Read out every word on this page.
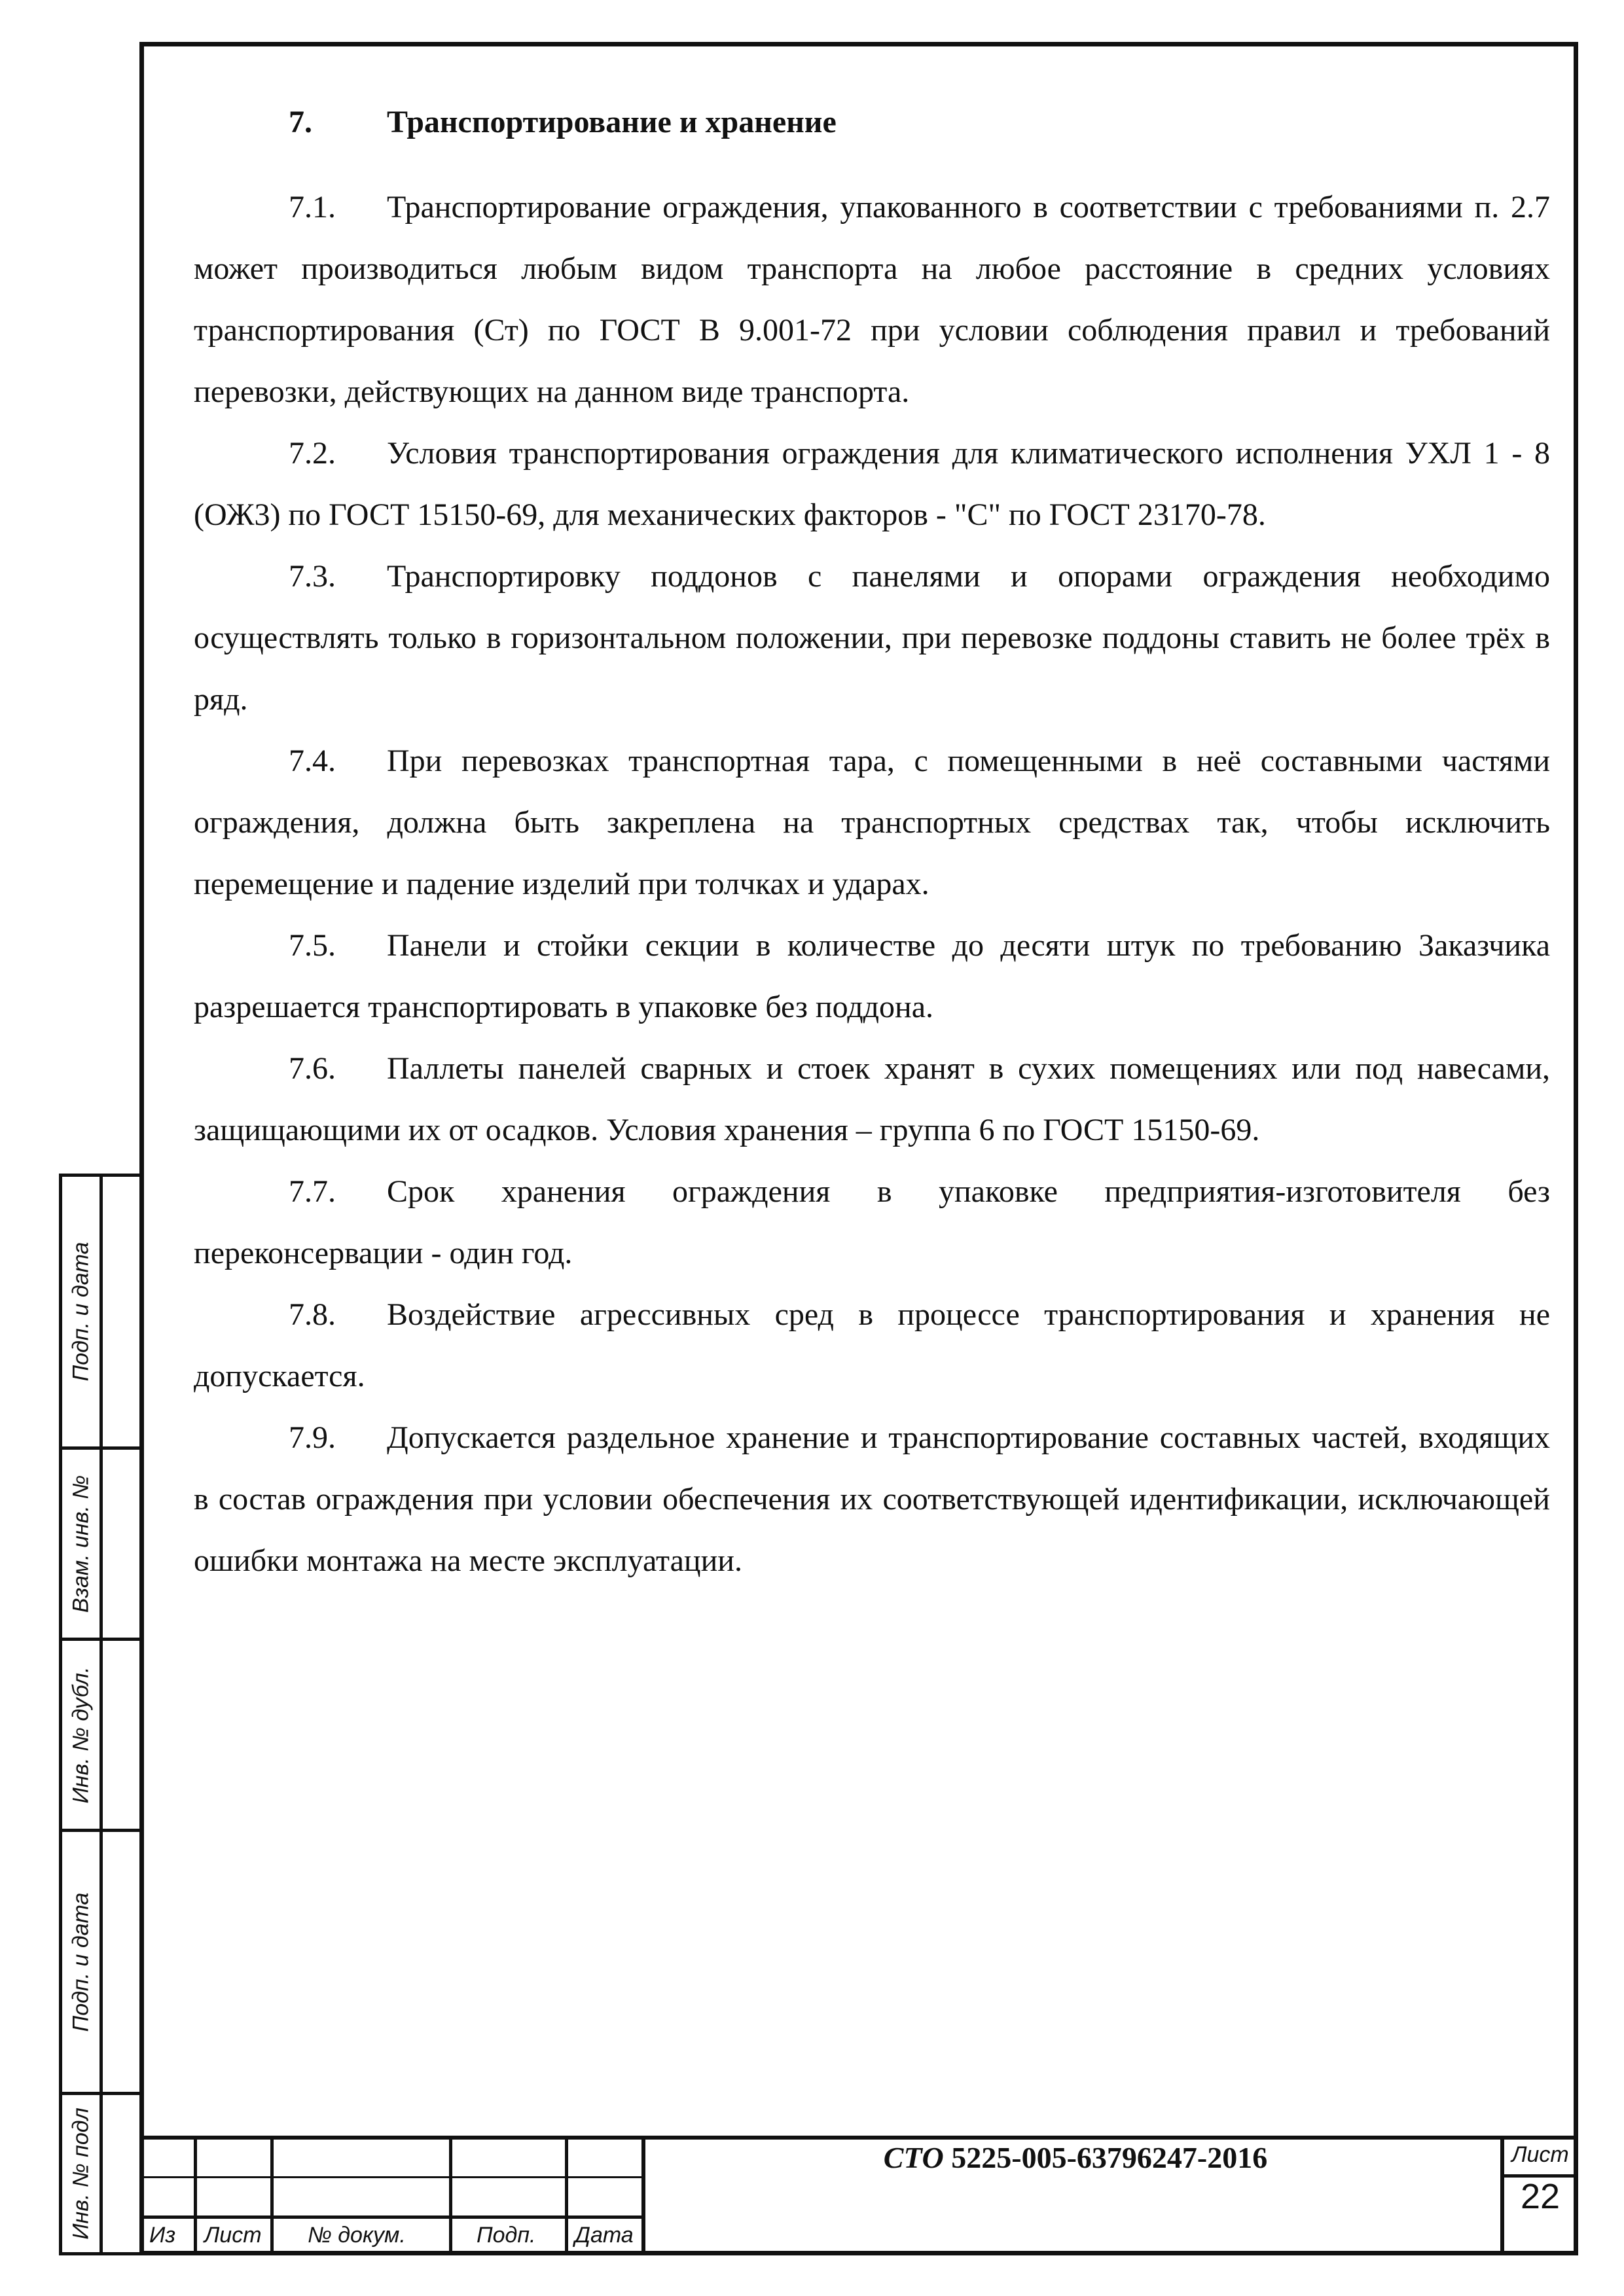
7. Транспортирование и хранение

7.1. Транспортирование ограждения, упакованного в соответствии с требованиями п. 2.7 может производиться любым видом транспорта на любое расстояние в средних условиях транспортирования (Ст) по ГОСТ В 9.001-72 при условии соблюдения правил и требований перевозки, действующих на данном виде транспорта.

7.2. Условия транспортирования ограждения для климатического исполнения УХЛ 1 - 8 (ОЖ3) по ГОСТ 15150-69, для механических факторов - "С" по ГОСТ 23170-78.

7.3. Транспортировку поддонов с панелями и опорами ограждения необходимо осуществлять только в горизонтальном положении, при перевозке поддоны ставить не более трёх в ряд.

7.4. При перевозках транспортная тара, с помещенными в неё составными частями ограждения, должна быть закреплена на транспортных средствах так, чтобы исключить перемещение и падение изделий при толчках и ударах.

7.5. Панели и стойки секции в количестве до десяти штук по требованию Заказчика разрешается транспортировать в упаковке без поддона.

7.6. Паллеты панелей сварных и стоек хранят в сухих помещениях или под навесами, защищающими их от осадков. Условия хранения – группа 6 по ГОСТ 15150-69.

7.7. Срок хранения ограждения в упаковке предприятия-изготовителя без переконсервации - один год.

7.8. Воздействие агрессивных сред в процессе транспортирования и хранения не допускается.

7.9. Допускается раздельное хранение и транспортирование составных частей, входящих в состав ограждения при условии обеспечения их соответствующей идентификации, исключающей ошибки монтажа на месте эксплуатации.

Подп. и дата
Взам. инв. №
Инв. № дубл.
Подп. и дата
Инв. № подл	Из Лист № докум.	Подп. Дата
СТО 5225-005-63796247-2016	Лист
22
